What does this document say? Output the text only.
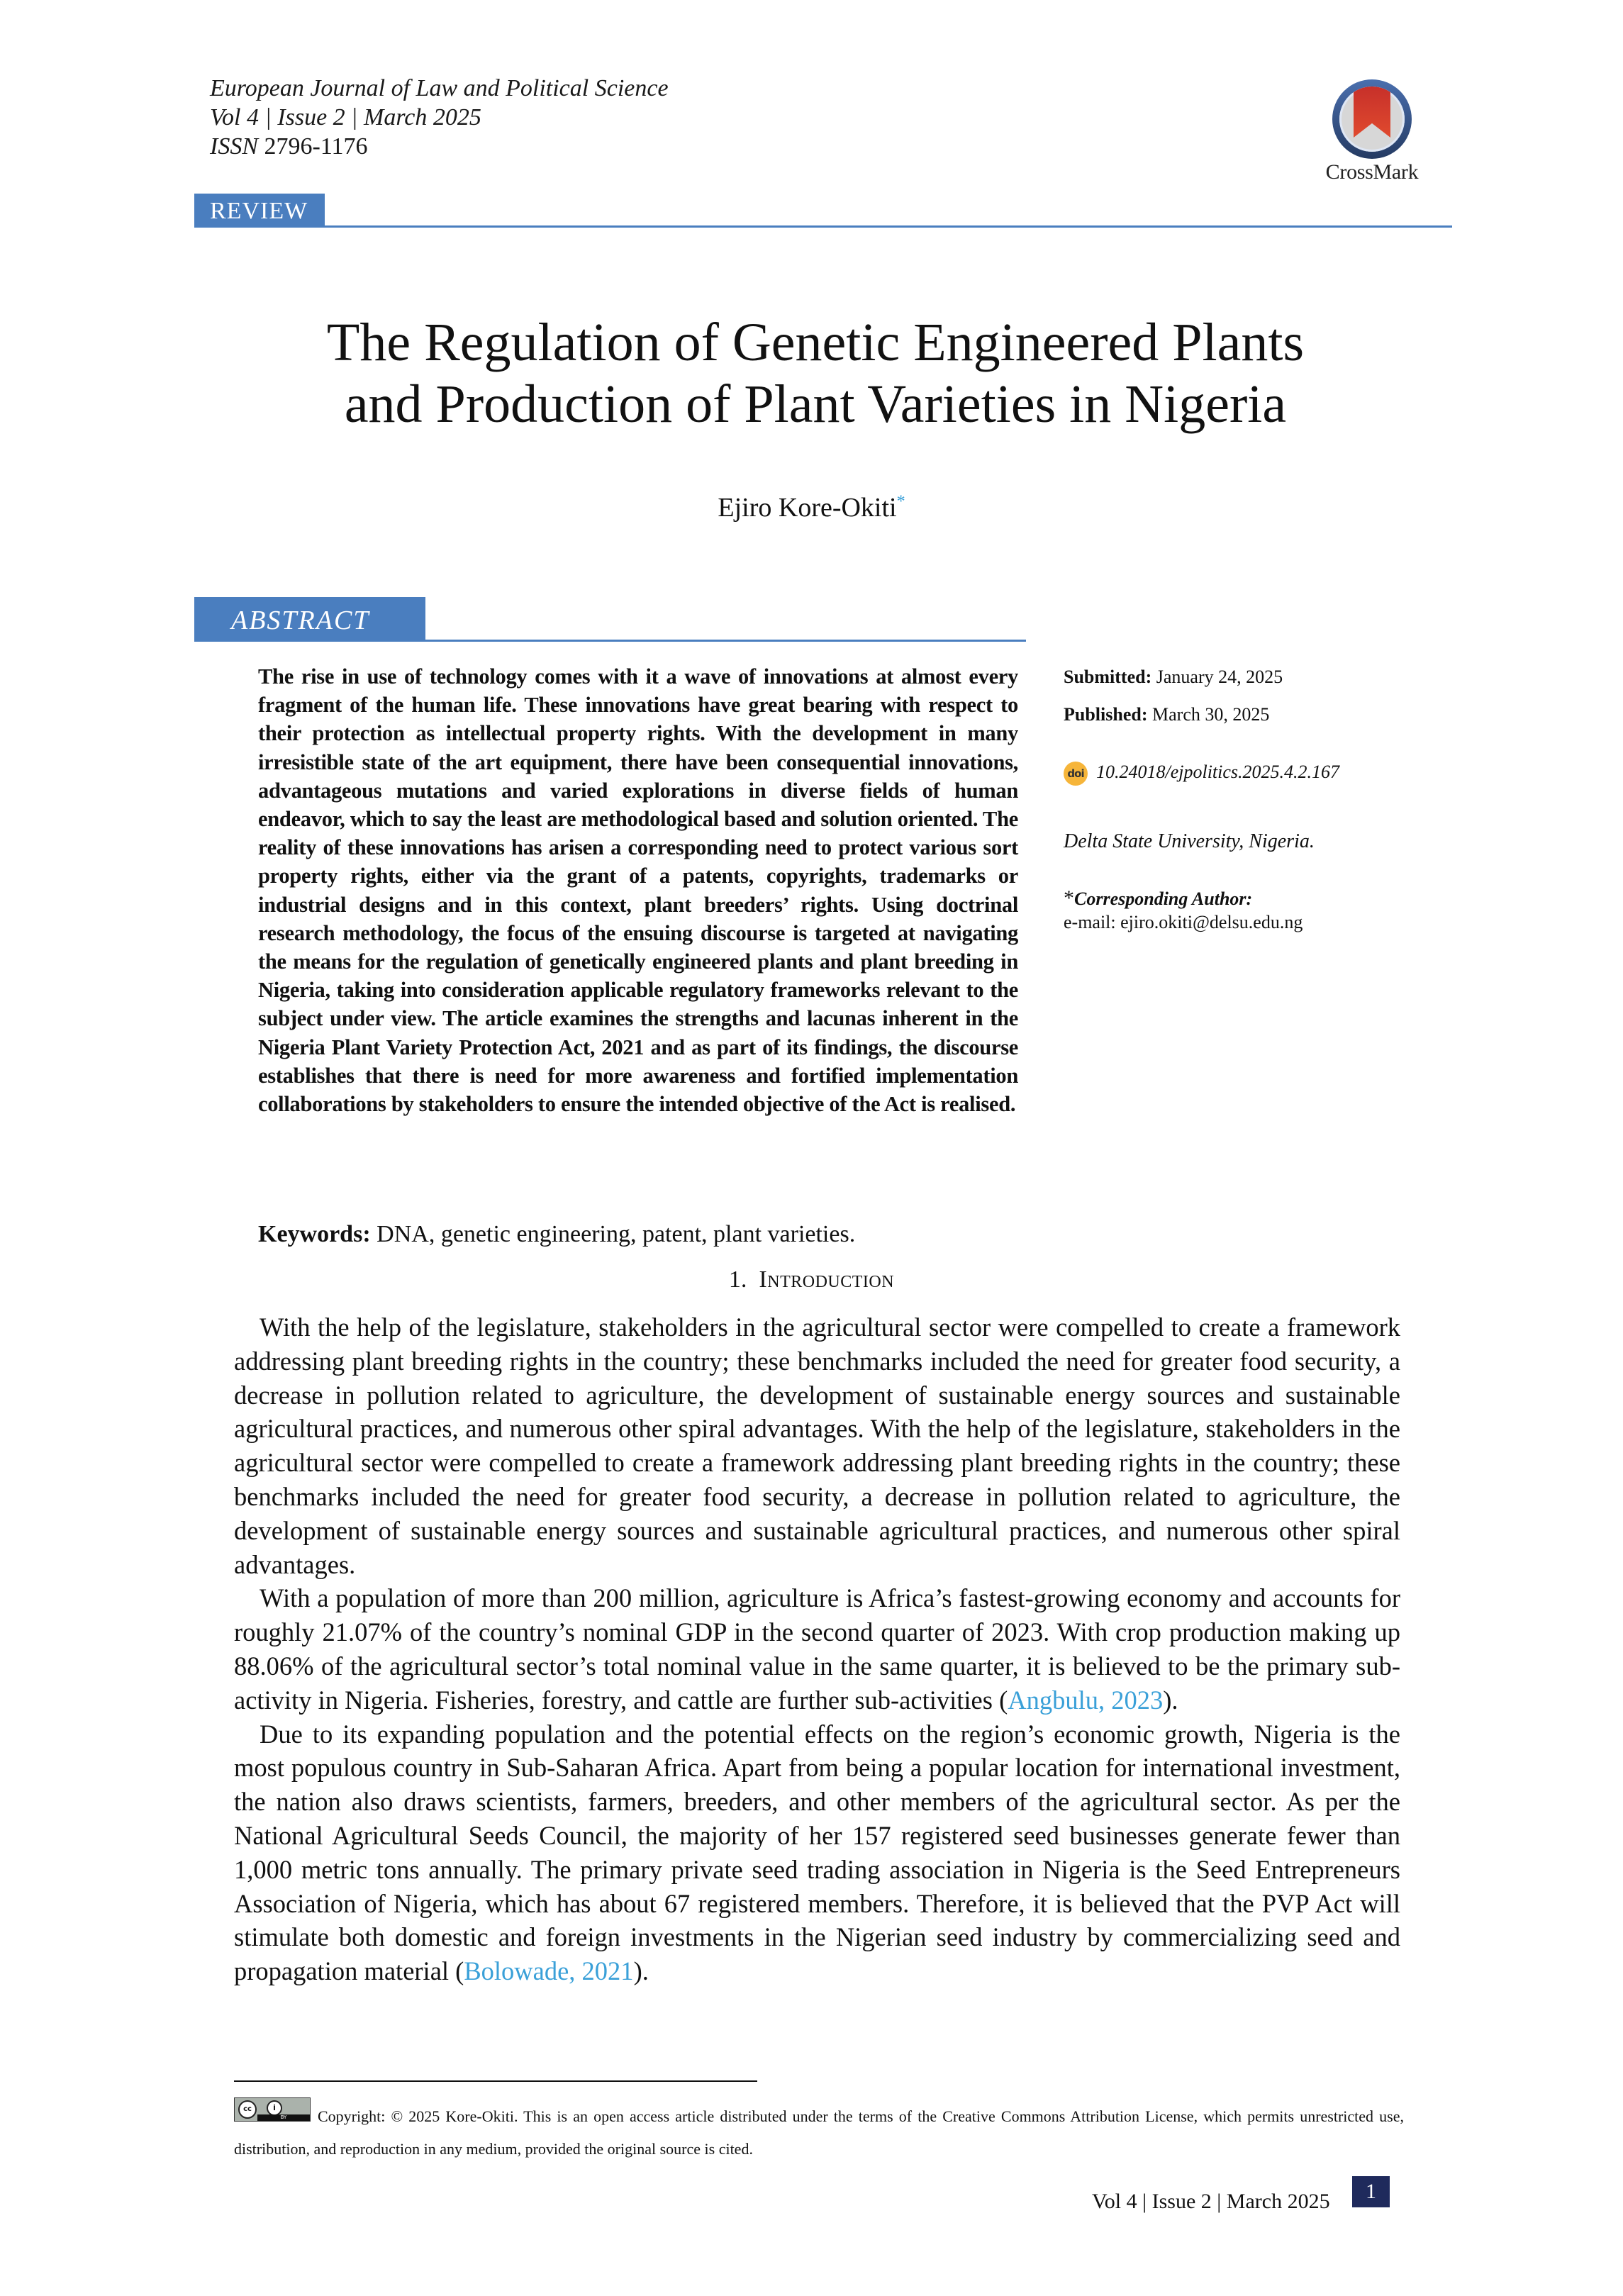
European Journal of Law and Political Science
Vol 4 | Issue 2 | March 2025
ISSN 2796-1176
CrossMark
REVIEW
The Regulation of Genetic Engineered Plants
and Production of Plant Varieties in Nigeria
Ejiro Kore-Okiti*
ABSTRACT
The rise in use of technology comes with it a wave of innovations at almost every fragment of the human life. These innovations have great bearing with respect to their protection as intellectual property rights. With the development in many irresistible state of the art equipment, there have been consequential innovations, advantageous mutations and varied explorations in diverse fields of human endeavor, which to say the least are methodological based and solution oriented. The reality of these innovations has arisen a corresponding need to protect various sort property rights, either via the grant of a patents, copyrights, trademarks or industrial designs and in this context, plant breeders’ rights. Using doctrinal research methodology, the focus of the ensuing discourse is targeted at navigating the means for the regulation of genetically engineered plants and plant breeding in Nigeria, taking into consideration applicable regulatory frameworks relevant to the subject under view. The article examines the strengths and lacunas inherent in the Nigeria Plant Variety Protection Act, 2021 and as part of its findings, the discourse establishes that there is need for more awareness and fortified implementation collaborations by stakeholders to ensure the intended objective of the Act is realised.
Submitted: January 24, 2025
Published: March 30, 2025
doi 10.24018/ejpolitics.2025.4.2.167
Delta State University, Nigeria.
*Corresponding Author:
e-mail: ejiro.okiti@delsu.edu.ng
Keywords: DNA, genetic engineering, patent, plant varieties.
1. Introduction

With the help of the legislature, stakeholders in the agricultural sector were compelled to create a framework addressing plant breeding rights in the country; these benchmarks included the need for greater food security, a decrease in pollution related to agriculture, the development of sustainable energy sources and sustainable agricultural practices, and numerous other spiral advantages. With the help of the legislature, stakeholders in the agricultural sector were compelled to create a framework addressing plant breeding rights in the country; these benchmarks included the need for greater food security, a decrease in pollution related to agriculture, the development of sustainable energy sources and sustainable agricultural practices, and numerous other spiral advantages.

With a population of more than 200 million, agriculture is Africa’s fastest-growing economy and accounts for roughly 21.07% of the country’s nominal GDP in the second quarter of 2023. With crop production making up 88.06% of the agricultural sector’s total nominal value in the same quarter, it is believed to be the primary sub-activity in Nigeria. Fisheries, forestry, and cattle are further sub-activities (Angbulu, 2023).

Due to its expanding population and the potential effects on the region’s economic growth, Nigeria is the most populous country in Sub-Saharan Africa. Apart from being a popular location for international investment, the nation also draws scientists, farmers, breeders, and other members of the agricultural sector. As per the National Agricultural Seeds Council, the majority of her 157 registered seed businesses generate fewer than 1,000 metric tons annually. The primary private seed trading association in Nigeria is the Seed Entrepreneurs Association of Nigeria, which has about 67 registered members. Therefore, it is believed that the PVP Act will stimulate both domestic and foreign investments in the Nigerian seed industry by commercializing seed and propagation material (Bolowade, 2021).

cc	i
BY	Copyright: © 2025 Kore-Okiti. This is an open access article distributed under the terms of the Creative Commons Attribution License, which permits unrestricted use, distribution, and reproduction in any medium, provided the original source is cited.
Vol 4 | Issue 2 | March 2025	1
